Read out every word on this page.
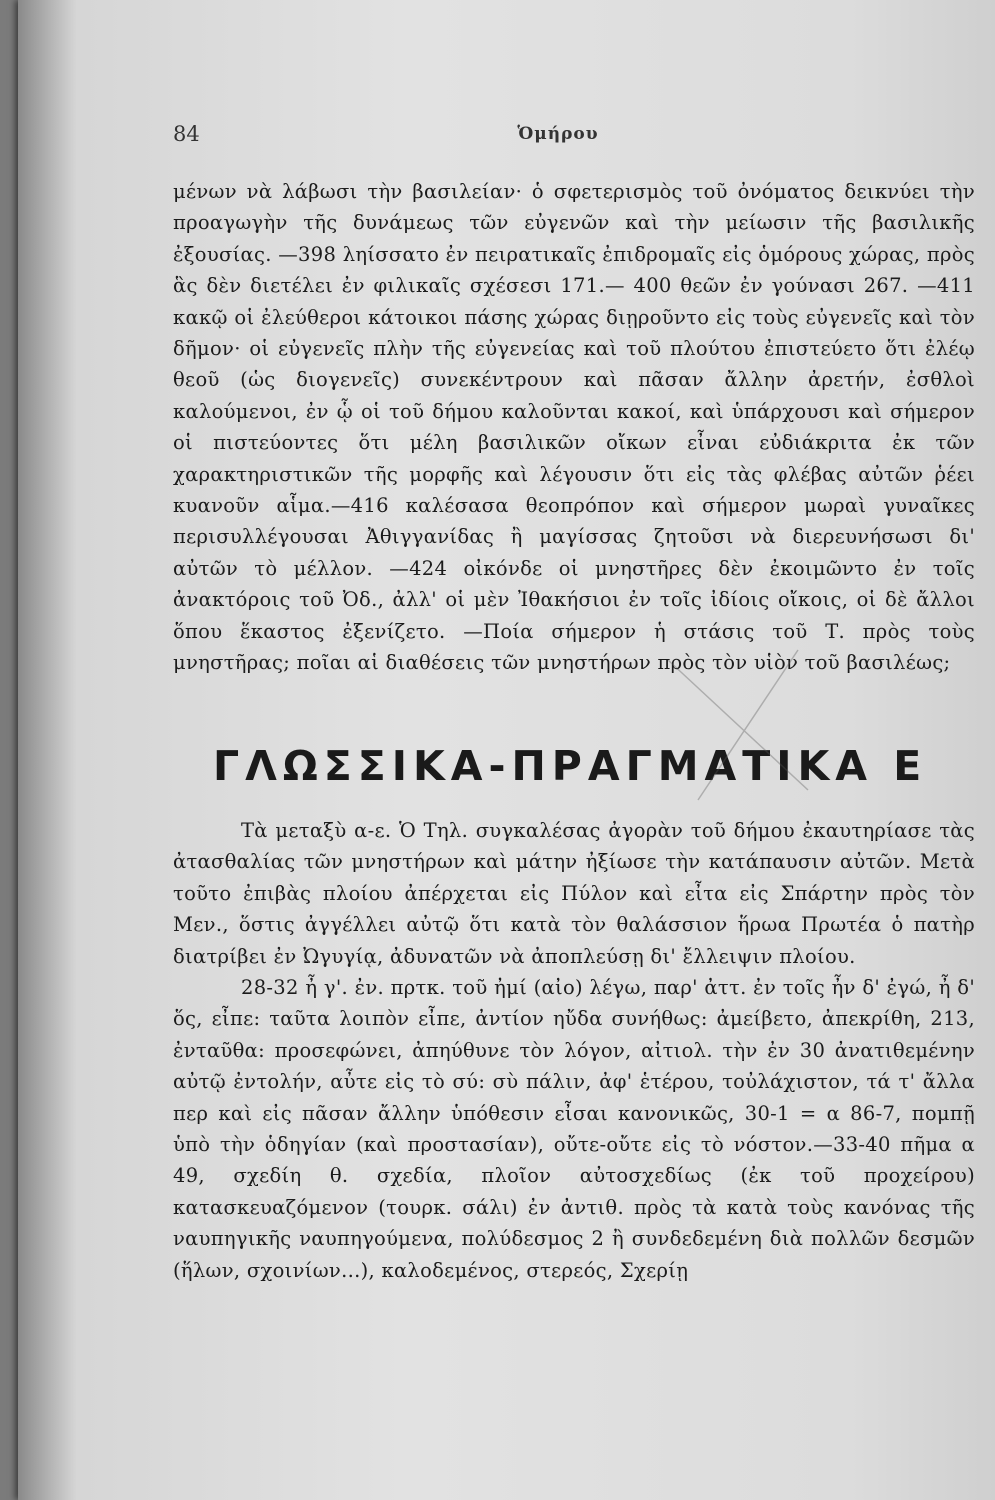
84	Ὁμήρου

μένων νὰ λάβωσι τὴν βασιλείαν· ὁ σφετερισμὸς τοῦ ὀνόματος δεικνύει τὴν προαγωγὴν τῆς δυνάμεως τῶν εὐγενῶν καὶ τὴν μείωσιν τῆς βασιλικῆς ἐξουσίας. —398 ληίσσατο ἐν πειρατικαῖς ἐπιδρομαῖς εἰς ὁμόρους χώρας, πρὸς ἃς δὲν διετέλει ἐν φιλικαῖς σχέσεσι 171.— 400 θεῶν ἐν γούνασι 267. —411 κακῷ οἱ ἐλεύθεροι κάτοικοι πάσης χώρας διῃροῦντο εἰς τοὺς εὐγενεῖς καὶ τὸν δῆμον· οἱ εὐγενεῖς πλὴν τῆς εὐγενείας καὶ τοῦ πλούτου ἐπιστεύετο ὅτι ἐλέῳ θεοῦ (ὡς διογενεῖς) συνεκέντρουν καὶ πᾶσαν ἄλλην ἀρετήν, ἐσθλοὶ καλούμενοι, ἐν ᾧ οἱ τοῦ δήμου καλοῦνται κακοί, καὶ ὑπάρχουσι καὶ σήμερον οἱ πιστεύοντες ὅτι μέλη βασιλικῶν οἴκων εἶναι εὐδιάκριτα ἐκ τῶν χαρακτηριστικῶν τῆς μορφῆς καὶ λέγουσιν ὅτι εἰς τὰς φλέβας αὐτῶν ῥέει κυανοῦν αἷμα.—416 καλέσασα θεοπρόπον καὶ σήμερον μωραὶ γυναῖκες περισυλλέγουσαι Ἀθιγγανίδας ἢ μαγίσσας ζητοῦσι νὰ διερευνήσωσι δι' αὐτῶν τὸ μέλλον. —424 οἰκόνδε οἱ μνηστῆρες δὲν ἐκοιμῶντο ἐν τοῖς ἀνακτόροις τοῦ Ὀδ., ἀλλ' οἱ μὲν Ἰθακήσιοι ἐν τοῖς ἰδίοις οἴκοις, οἱ δὲ ἄλλοι ὅπου ἕκαστος ἐξενίζετο. —Ποία σήμερον ἡ στάσις τοῦ Τ. πρὸς τοὺς μνηστῆρας; ποῖαι αἱ διαθέσεις τῶν μνηστήρων πρὸς τὸν υἱὸν τοῦ βασιλέως;

ΓΛΩΣΣΙΚΑ-ΠΡΑΓΜΑΤΙΚΑ Ε

Τὰ μεταξὺ α-ε. Ὁ Τηλ. συγκαλέσας ἀγορὰν τοῦ δήμου ἐκαυτηρίασε τὰς ἀτασθαλίας τῶν μνηστήρων καὶ μάτην ἠξίωσε τὴν κατάπαυσιν αὐτῶν. Μετὰ τοῦτο ἐπιβὰς πλοίου ἀπέρχεται εἰς Πύλον καὶ εἶτα εἰς Σπάρτην πρὸς τὸν Μεν., ὅστις ἀγγέλλει αὐτῷ ὅτι κατὰ τὸν θαλάσσιον ἥρωα Πρωτέα ὁ πατὴρ διατρίβει ἐν Ὠγυγίᾳ, ἀδυνατῶν νὰ ἀποπλεύσῃ δι' ἔλλειψιν πλοίου.

28-32 ἦ γ'. ἐν. πρτκ. τοῦ ἠμί (αἰο) λέγω, παρ' ἀττ. ἐν τοῖς ἦν δ' ἐγώ, ἦ δ' ὅς, εἶπε: ταῦτα λοιπὸν εἶπε, ἀντίον ηὔδα συνήθως: ἀμείβετο, ἀπεκρίθη, 213, ἐνταῦθα: προσεφώνει, ἀπηύθυνε τὸν λόγον, αἰτιολ. τὴν ἐν 30 ἀνατιθεμένην αὐτῷ ἐντολήν, αὖτε εἰς τὸ σύ: σὺ πάλιν, ἀφ' ἑτέρου, τοὐλάχιστον, τά τ' ἄλλα περ καὶ εἰς πᾶσαν ἄλλην ὑπόθεσιν εἶσαι κανονικῶς, 30-1 = α 86-7, πομπῇ ὑπὸ τὴν ὁδηγίαν (καὶ προστασίαν), οὔτε-οὔτε εἰς τὸ νόστον.—33-40 πῆμα α 49, σχεδίη θ. σχεδία, πλοῖον αὐτοσχεδίως (ἐκ τοῦ προχείρου) κατασκευαζόμενον (τουρκ. σάλι) ἐν ἀντιθ. πρὸς τὰ κατὰ τοὺς κανόνας τῆς ναυπηγικῆς ναυπηγούμενα, πολύδεσμος 2 ἢ συνδεδεμένη διὰ πολλῶν δεσμῶν (ἥλων, σχοινίων...), καλοδεμένος, στερεός, Σχερίῃ
